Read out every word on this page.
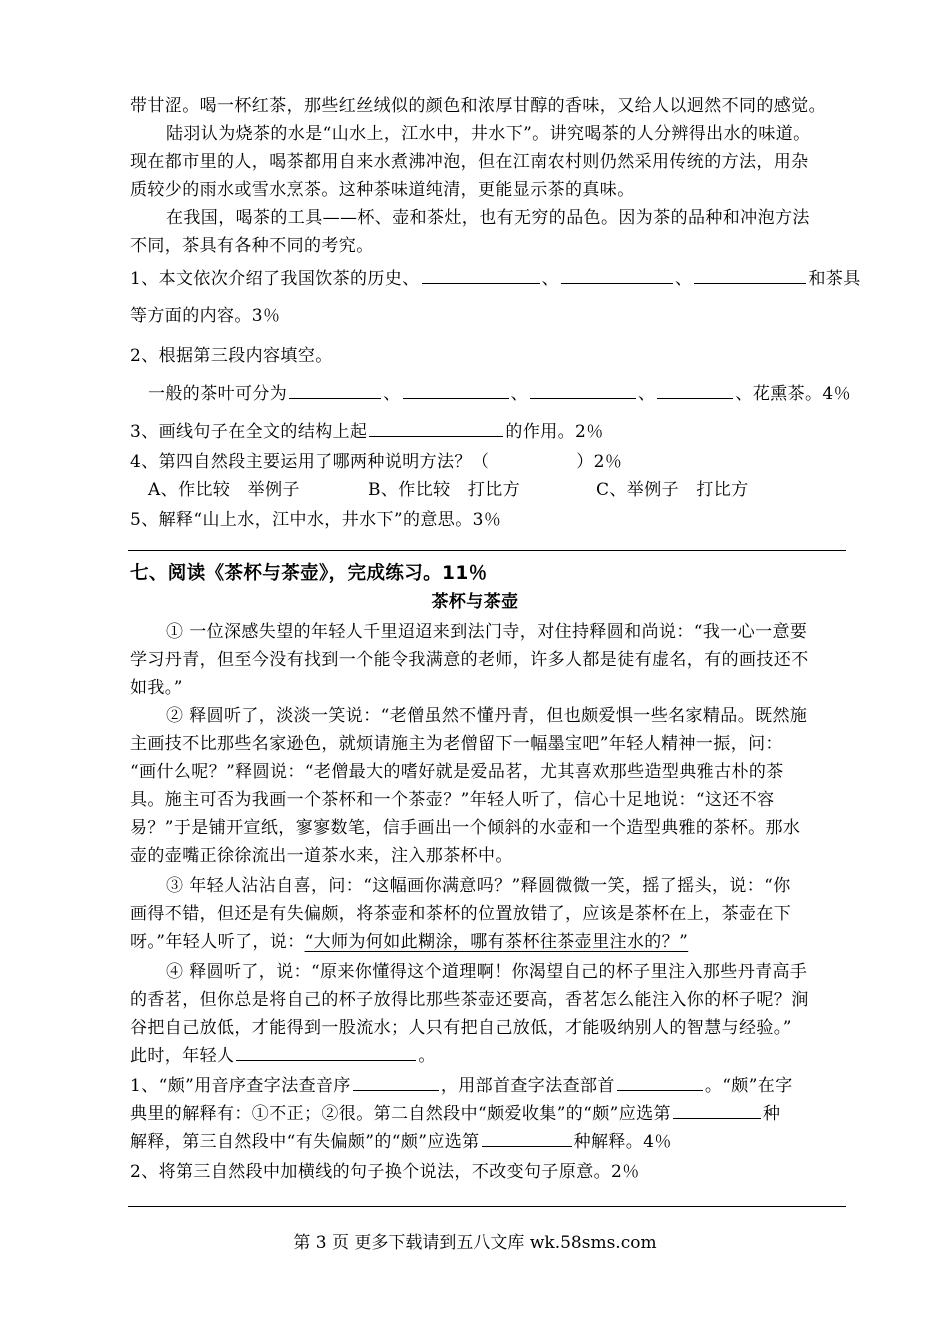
带甘涩。喝一杯红茶，那些红丝绒似的颜色和浓厚甘醇的香味，又给人以迥然不同的感觉。
陆羽认为烧茶的水是“山水上，江水中，井水下”。讲究喝茶的人分辨得出水的味道。
现在都市里的人，喝茶都用自来水煮沸冲泡，但在江南农村则仍然采用传统的方法，用杂
质较少的雨水或雪水烹茶。这种茶味道纯清，更能显示茶的真味。
在我国，喝茶的工具——杯、壶和茶灶，也有无穷的品色。因为茶的品种和冲泡方法
不同，茶具有各种不同的考究。
1、本文依次介绍了我国饮茶的历史、	、	、	和茶具
等方面的内容。3％
2、根据第三段内容填空。
一般的茶叶可分为	、	、	、	、花熏茶。4％
3、画线句子在全文的结构上起	的作用。2％
4、第四自然段主要运用了哪两种说明方法？（　　　　　）2％
A、作比较　举例子	B、作比较　打比方	C、举例子　打比方
5、解释“山上水，江中水，井水下”的意思。3％
七、阅读《茶杯与茶壶》，完成练习。11％
茶杯与茶壶
① 一位深感失望的年轻人千里迢迢来到法门寺，对住持释圆和尚说：“我一心一意要
学习丹青，但至今没有找到一个能令我满意的老师，许多人都是徒有虚名，有的画技还不
如我。”
② 释圆听了，淡淡一笑说：“老僧虽然不懂丹青，但也颇爱惧一些名家精品。既然施
主画技不比那些名家逊色，就烦请施主为老僧留下一幅墨宝吧”年轻人精神一振，问：
“画什么呢？”释圆说：“老僧最大的嗜好就是爱品茗，尤其喜欢那些造型典雅古朴的茶
具。施主可否为我画一个茶杯和一个茶壶？”年轻人听了，信心十足地说：“这还不容
易？”于是铺开宣纸，寥寥数笔，信手画出一个倾斜的水壶和一个造型典雅的茶杯。那水
壶的壶嘴正徐徐流出一道茶水来，注入那茶杯中。
③ 年轻人沾沾自喜，问：“这幅画你满意吗？”释圆微微一笑，摇了摇头，说：“你
画得不错，但还是有失偏颇，将茶壶和茶杯的位置放错了，应该是茶杯在上，茶壶在下
呀。”年轻人听了，说：“大师为何如此糊涂，哪有茶杯往茶壶里注水的？”
④ 释圆听了，说：“原来你懂得这个道理啊！你渴望自己的杯子里注入那些丹青高手
的香茗，但你总是将自己的杯子放得比那些茶壶还要高，香茗怎么能注入你的杯子呢？涧
谷把自己放低，才能得到一股流水；人只有把自己放低，才能吸纳别人的智慧与经验。”
此时，年轻人	。
1、“颇”用音序查字法查音序	，用部首查字法查部首	。“颇”在字
典里的解释有：①不正；②很。第二自然段中“颇爱收集”的“颇”应选第	种
解释，第三自然段中“有失偏颇”的“颇”应选第	种解释。4％
2、将第三自然段中加横线的句子换个说法，不改变句子原意。2％
第 3 页 更多下载请到五八文库 wk.58sms.com
